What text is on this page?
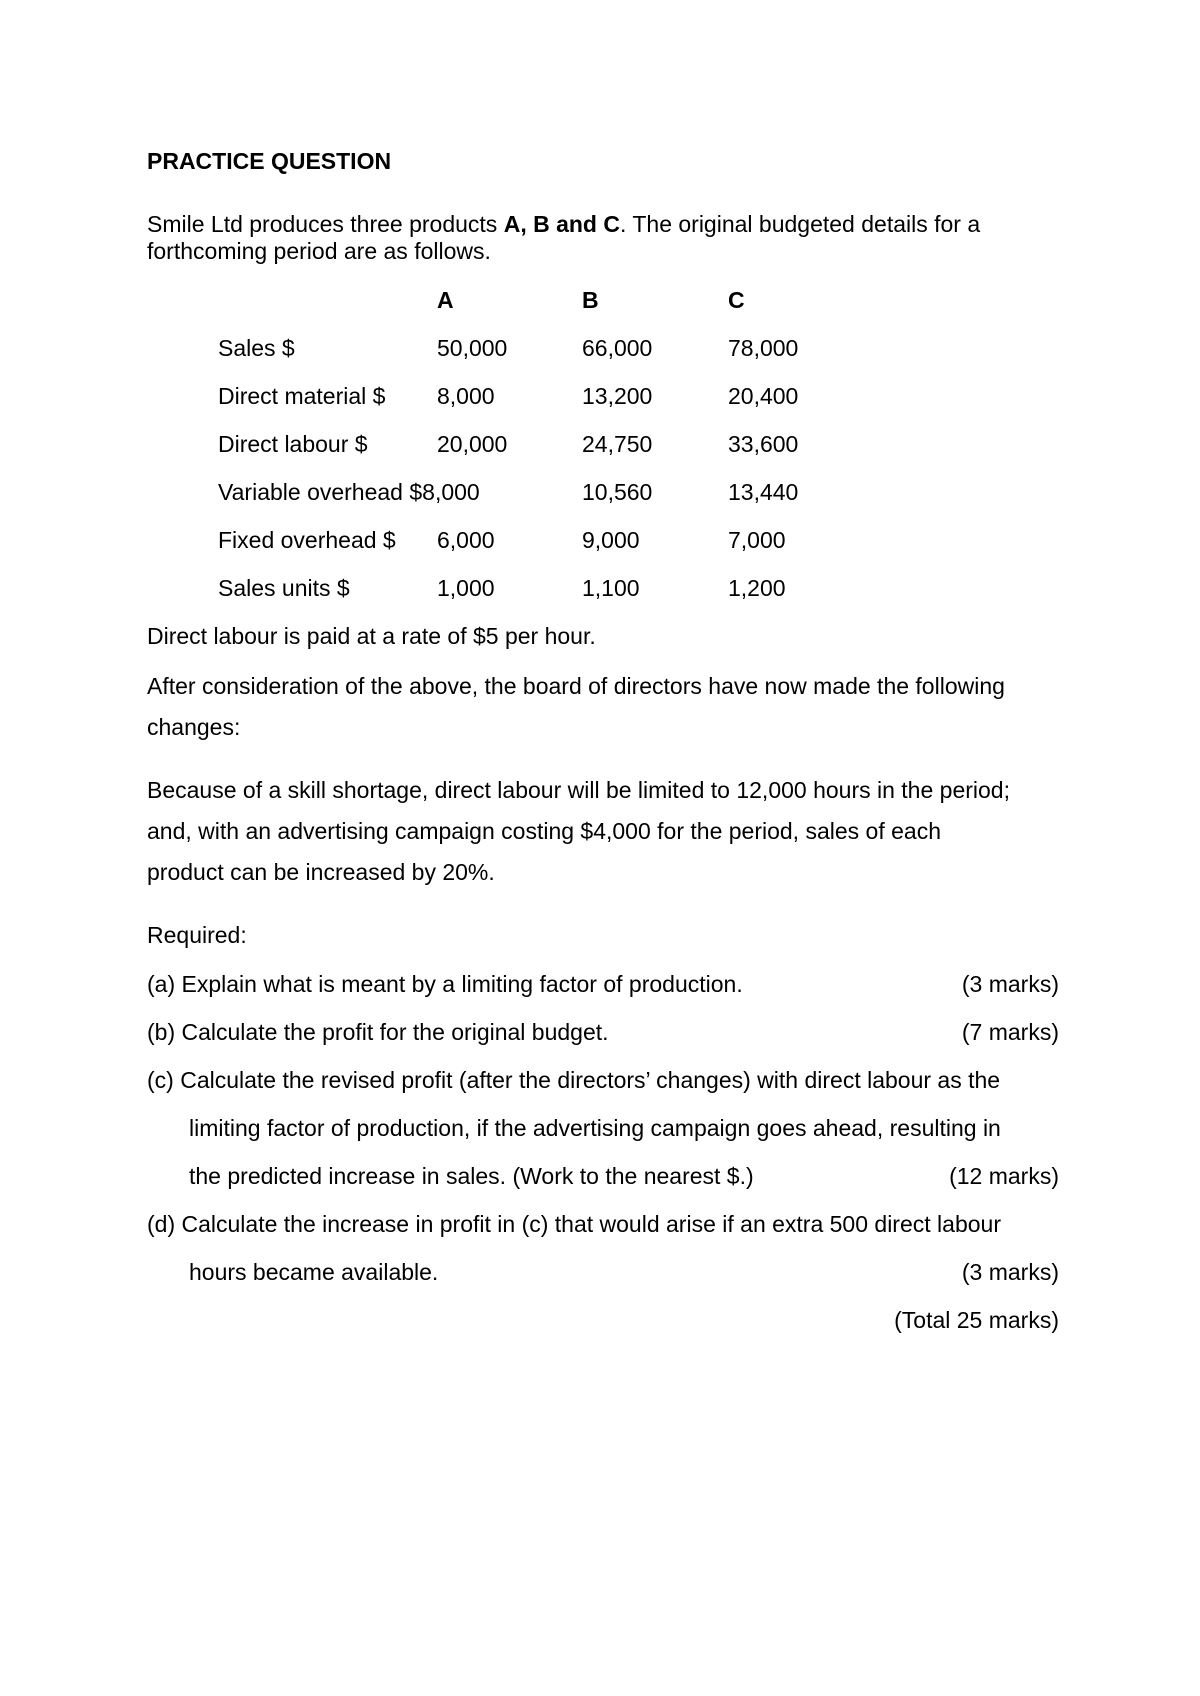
PRACTICE QUESTION
Smile Ltd produces three products A, B and C. The original budgeted details for a
forthcoming period are as follows.
A	B	C
Sales $	50,000	66,000	78,000
Direct material $ 8,000	13,200	20,400
Direct labour $	20,000	24,750	33,600
Variable overhead $8,000	10,560	13,440
Fixed overhead $ 6,000	9,000	7,000
Sales units $	1,000	1,100	1,200
Direct labour is paid at a rate of $5 per hour.
After consideration of the above, the board of directors have now made the following
changes:
Because of a skill shortage, direct labour will be limited to 12,000 hours in the period;
and, with an advertising campaign costing $4,000 for the period, sales of each
product can be increased by 20%.
Required:
(a) Explain what is meant by a limiting factor of production.	(3 marks)
(b) Calculate the profit for the original budget.	(7 marks)
(c) Calculate the revised profit (after the directors’ changes) with direct labour as the
limiting factor of production, if the advertising campaign goes ahead, resulting in
the predicted increase in sales. (Work to the nearest $.)	(12 marks)
(d) Calculate the increase in profit in (c) that would arise if an extra 500 direct labour
hours became available.	(3 marks)
(Total 25 marks)
